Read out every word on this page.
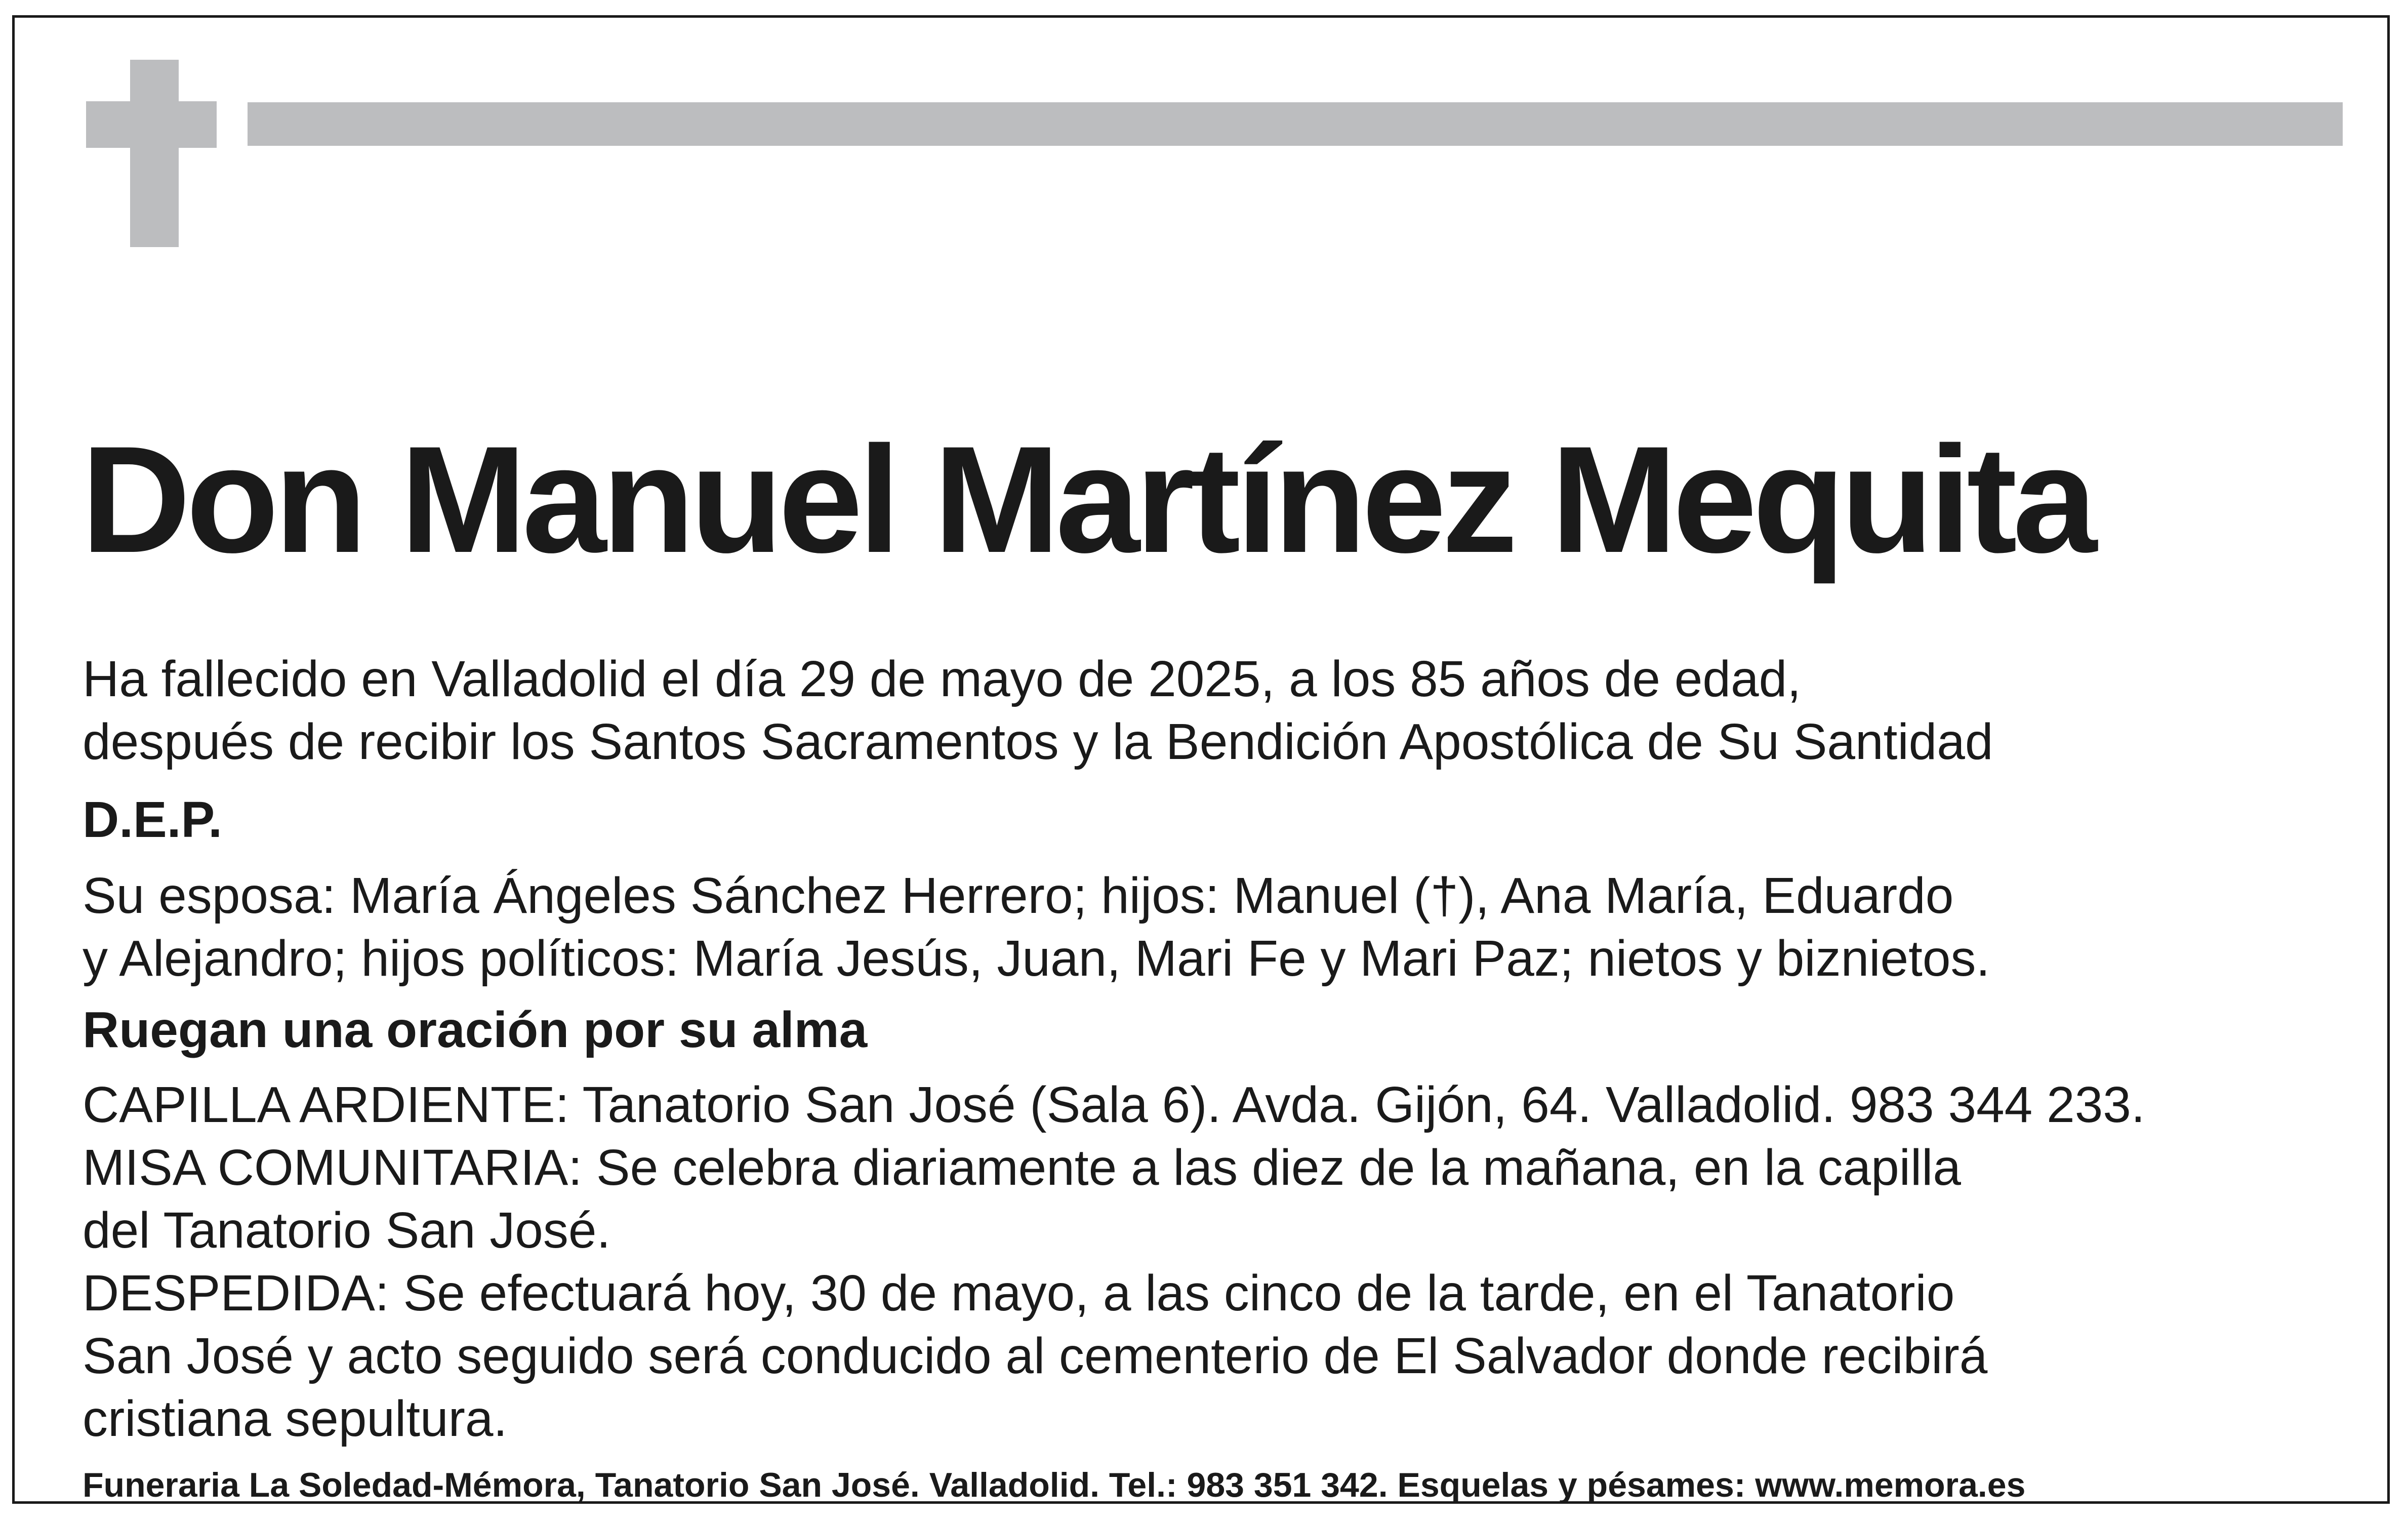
Don Manuel Martínez Mequita
Ha fallecido en Valladolid el día 29 de mayo de 2025, a los 85 años de edad,
después de recibir los Santos Sacramentos y la Bendición Apostólica de Su Santidad
D.E.P.
Su esposa: María Ángeles Sánchez Herrero; hijos: Manuel (†), Ana María, Eduardo
y Alejandro; hijos políticos: María Jesús, Juan, Mari Fe y Mari Paz; nietos y biznietos.
Ruegan una oración por su alma
CAPILLA ARDIENTE: Tanatorio San José (Sala 6). Avda. Gijón, 64. Valladolid. 983 344 233.
MISA COMUNITARIA: Se celebra diariamente a las diez de la mañana, en la capilla
del Tanatorio San José.
DESPEDIDA: Se efectuará hoy, 30 de mayo, a las cinco de la tarde, en el Tanatorio
San José y acto seguido será conducido al cementerio de El Salvador donde recibirá
cristiana sepultura.
Funeraria La Soledad-Mémora, Tanatorio San José. Valladolid. Tel.: 983 351 342. Esquelas y pésames: www.memora.es
